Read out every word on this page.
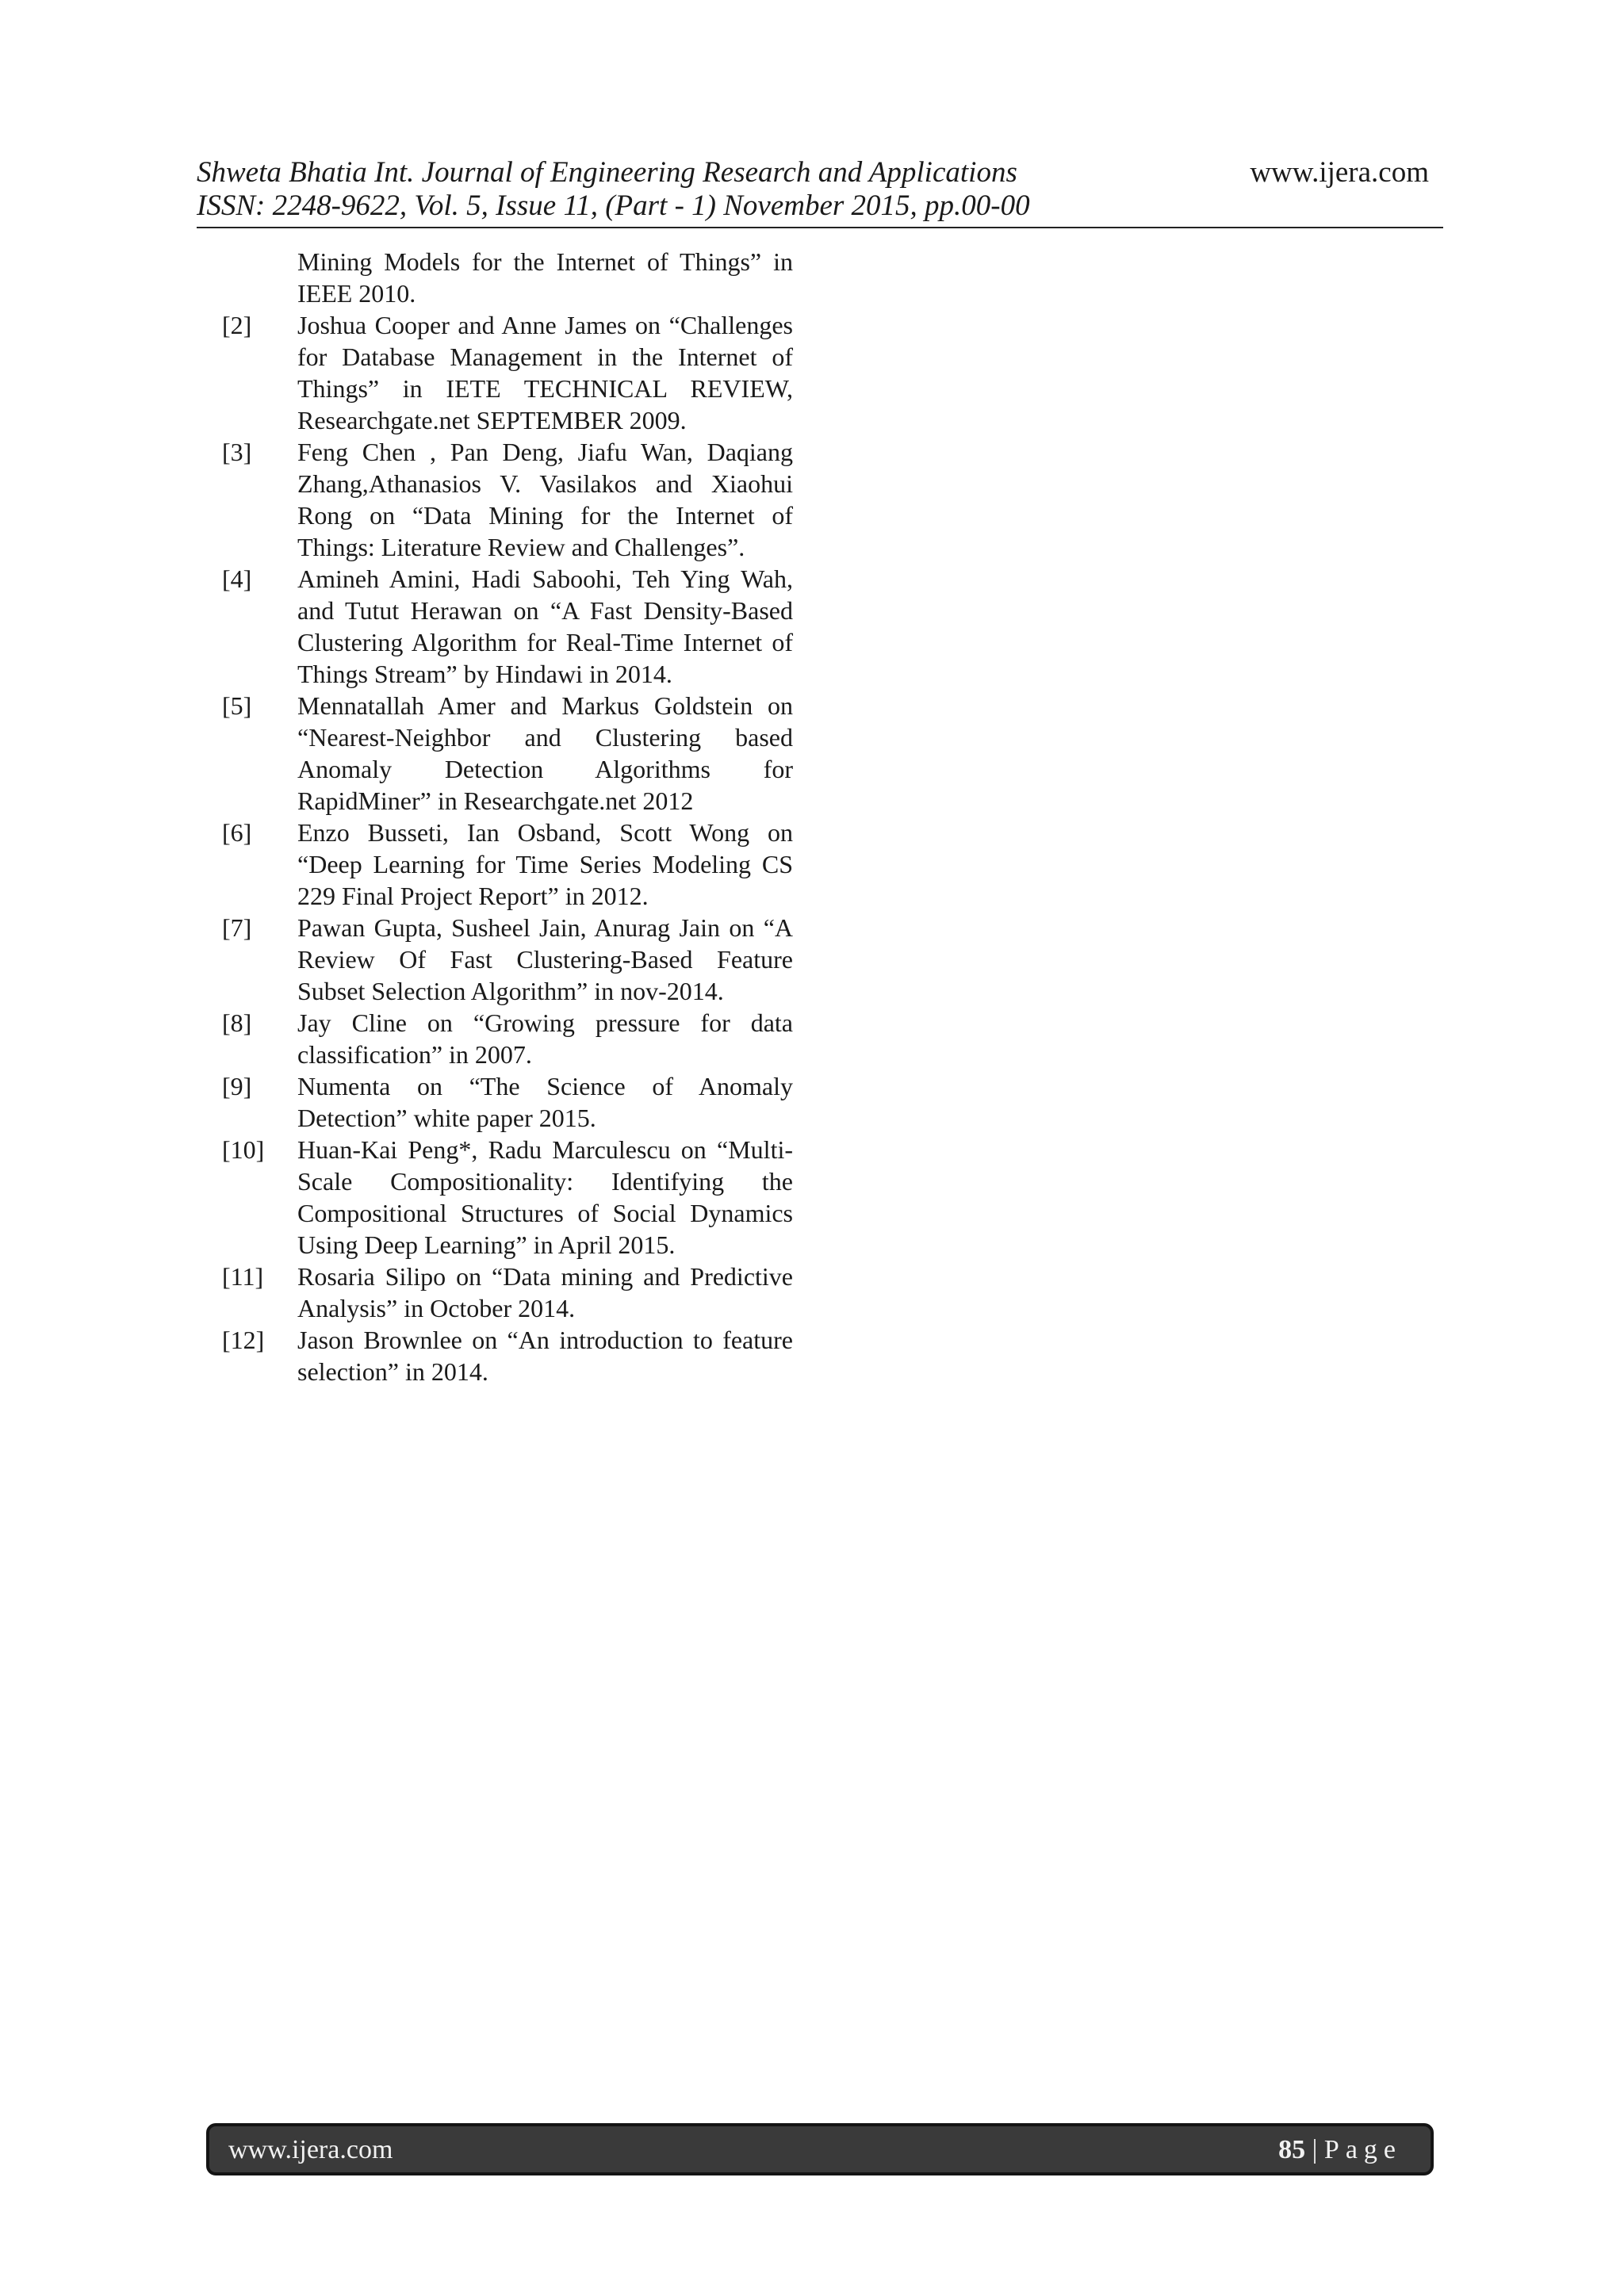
Shweta Bhatia Int. Journal of Engineering Research and Applications
ISSN: 2248-9622, Vol. 5, Issue 11, (Part - 1) November 2015, pp.00-00
www.ijera.com
Mining Models for the Internet of Things” in IEEE 2010.
[2]	Joshua Cooper and Anne James on “Challenges for Database Management in the Internet of Things” in IETE TECHNICAL REVIEW, Researchgate.net SEPTEMBER 2009.
[3]	Feng Chen , Pan Deng, Jiafu Wan, Daqiang Zhang,Athanasios V. Vasilakos and Xiaohui Rong on “Data Mining for the Internet of Things: Literature Review and Challenges”.
[4]	Amineh Amini, Hadi Saboohi, Teh Ying Wah, and Tutut Herawan on “A Fast Density-Based Clustering Algorithm for Real-Time Internet of Things Stream” by Hindawi in 2014.
[5]	Mennatallah Amer and Markus Goldstein on “Nearest-Neighbor and Clustering based Anomaly Detection Algorithms for RapidMiner” in Researchgate.net 2012
[6]	Enzo Busseti, Ian Osband, Scott Wong on “Deep Learning for Time Series Modeling CS 229 Final Project Report” in 2012.
[7]	Pawan Gupta, Susheel Jain, Anurag Jain on “A Review Of Fast Clustering-Based Feature Subset Selection Algorithm” in nov-2014.
[8]	Jay Cline on “Growing pressure for data classification” in 2007.
[9]	Numenta on “The Science of Anomaly Detection” white paper 2015.
[10]	Huan-Kai Peng*, Radu Marculescu on “Multi-Scale Compositionality: Identifying the Compositional Structures of Social Dynamics Using Deep Learning” in April 2015.
[11]	Rosaria Silipo on “Data mining and Predictive Analysis” in October 2014.
[12]	Jason Brownlee on “An introduction to feature selection” in 2014.
www.ijera.com	85 | Page
